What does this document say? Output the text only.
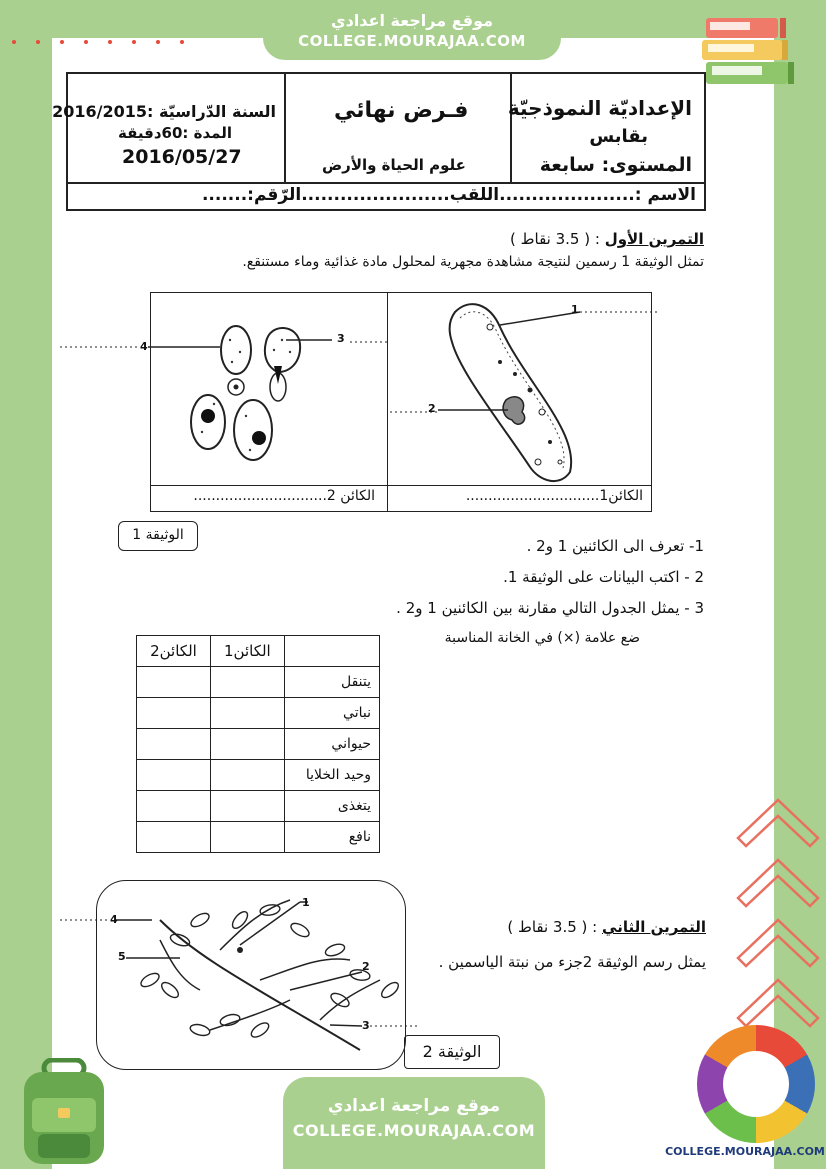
موقع مراجعة اعدادي
COLLEGE.MOURAJAA.COM
السنة الدّراسيّة :2016/2015
المدة :60دقيقة
2016/05/27
فـرض نهائي
علوم الحياة والأرض
الإعداديّة النموذجيّة
بقابس
المستوى: سابعة
الاسم :.....................اللقب.......................الرّقم:.......
التمرين الأول : ( 3.5 نقاط )
تمثل الوثيقة 1 رسمين لنتيجة مشاهدة مجهرية لمحلول مادة غذائية وماء مستنقع.
الكائن1..............................
الكائن 2..............................
1
2
3
4
الوثيقة 1
1- تعرف الى الكائنين 1 و2 .
2 - اكتب البيانات على الوثيقة 1.
3 - يمثل الجدول التالي مقارنة بين الكائنين 1 و2 .
ضع علامة (×) في الخانة المناسبة
	الكائن1	الكائن2
يتنقل		
نباتي		
حيواني		
وحيد الخلايا		
يتغذى		
نافع		
1
2
3
4
5
التمرين الثاني : ( 3.5 نقاط )
يمثل رسم الوثيقة 2جزء من نبتة الياسمين .
الوثيقة 2
موقع مراجعة اعدادي
COLLEGE.MOURAJAA.COM
COLLEGE.MOURAJAA.COM
